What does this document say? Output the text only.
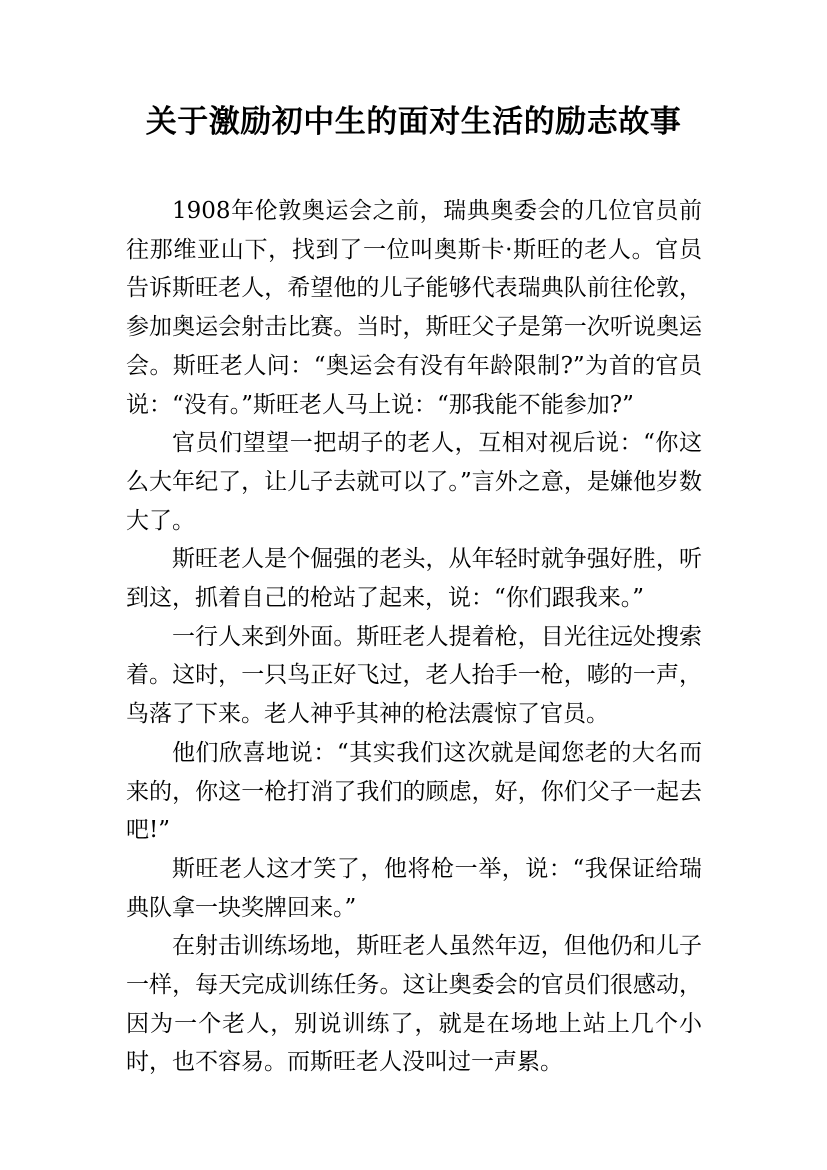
关于激励初中生的面对生活的励志故事

1908年伦敦奥运会之前，瑞典奥委会的几位官员前往那维亚山下，找到了一位叫奥斯卡·斯旺的老人。官员告诉斯旺老人，希望他的儿子能够代表瑞典队前往伦敦，参加奥运会射击比赛。当时，斯旺父子是第一次听说奥运会。斯旺老人问：“奥运会有没有年龄限制?”为首的官员说：“没有。”斯旺老人马上说：“那我能不能参加?”

官员们望望一把胡子的老人，互相对视后说：“你这么大年纪了，让儿子去就可以了。”言外之意，是嫌他岁数大了。

斯旺老人是个倔强的老头，从年轻时就争强好胜，听到这，抓着自己的枪站了起来，说：“你们跟我来。”

一行人来到外面。斯旺老人提着枪，目光往远处搜索着。这时，一只鸟正好飞过，老人抬手一枪，嘭的一声，鸟落了下来。老人神乎其神的枪法震惊了官员。

他们欣喜地说：“其实我们这次就是闻您老的大名而来的，你这一枪打消了我们的顾虑，好，你们父子一起去吧!”

斯旺老人这才笑了，他将枪一举，说：“我保证给瑞典队拿一块奖牌回来。”

在射击训练场地，斯旺老人虽然年迈，但他仍和儿子一样，每天完成训练任务。这让奥委会的官员们很感动，因为一个老人，别说训练了，就是在场地上站上几个小时，也不容易。而斯旺老人没叫过一声累。
